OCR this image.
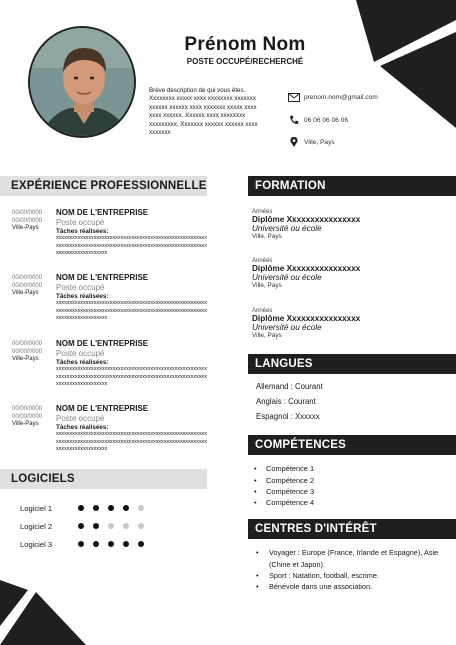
Prénom Nom
POSTE OCCUPÉ/RECHERCHÉ
Brève description de qui vous êtes. Xxxxxxxx xxxxx xxxx xxxxxxxx xxxxxxx xxxxxx xxxxxx xxxx xxxxxxx xxxxx xxxx xxxx xxxxxx. Xxxxxx xxxx xxxxxxxx xxxxxxxxx. Xxxxxxx xxxxxx xxxxxx xxxx xxxxxxx
prenom.nom@gmail.com
06 06 06 06 06
Ville, Pays
EXPÉRIENCE PROFESSIONNELLE
00/00/0000
00/00/0000
Ville-Pays
NOM DE L'ENTREPRISE
Poste occupé
Tâches réalisées:
xxxxxxxxxxxxxxxxxxxxxxxxxxxxxxxxxxxxxxxxxxxxxxxxxxxxxxxxxxxxxxxxxxxxxxxxxxxxxxxxxxxxxxxxxxxxxxxxxxxxxxxxxxxxxxxxxxxxxxxxxxxxxxxxxxx
00/00/0000
00/00/0000
Ville-Pays
NOM DE L'ENTREPRISE
Poste occupé
Tâches réalisées:
xxxxxxxxxxxxxxxxxxxxxxxxxxxxxxxxxxxxxxxxxxxxxxxxxxxxxxxxxxxxxxxxxxxxxxxxxxxxxxxxxxxxxxxxxxxxxxxxxxxxxxxxxxxxxxxxxxxxxxxxxxxxxxxxxxx
00/00/0000
00/00/0000
Ville-Pays
NOM DE L'ENTREPRISE
Poste occupé
Tâches réalisées:
xxxxxxxxxxxxxxxxxxxxxxxxxxxxxxxxxxxxxxxxxxxxxxxxxxxxxxxxxxxxxxxxxxxxxxxxxxxxxxxxxxxxxxxxxxxxxxxxxxxxxxxxxxxxxxxxxxxxxxxxxxxxxxxxxxx
00/00/0000
00/00/0000
Ville-Pays
NOM DE L'ENTREPRISE
Poste occupé
Tâches réalisées:
xxxxxxxxxxxxxxxxxxxxxxxxxxxxxxxxxxxxxxxxxxxxxxxxxxxxxxxxxxxxxxxxxxxxxxxxxxxxxxxxxxxxxxxxxxxxxxxxxxxxxxxxxxxxxxxxxxxxxxxxxxxxxxxxxxx
LOGICIELS
Logiciel 1
Logiciel 2
Logiciel 3
FORMATION
Années
Diplôme Xxxxxxxxxxxxxxxx
Université ou école
Ville, Pays
Années
Diplôme Xxxxxxxxxxxxxxxx
Université ou école
Ville, Pays
Années
Diplôme Xxxxxxxxxxxxxxxx
Université ou école
Ville, Pays
LANGUES
Allemand : Courant
Anglais : Courant
Espagnol : Xxxxxx
COMPÉTENCES
• Compétence 1
• Compétence 2
• Compétence 3
• Compétence 4
CENTRES D'INTÉRÊT
•	Voyager : Europe (France, Irlande et Espagne), Asie (Chine et Japon).
•	Sport : Natation, football, escrime.
•	Bénévole dans une association.
